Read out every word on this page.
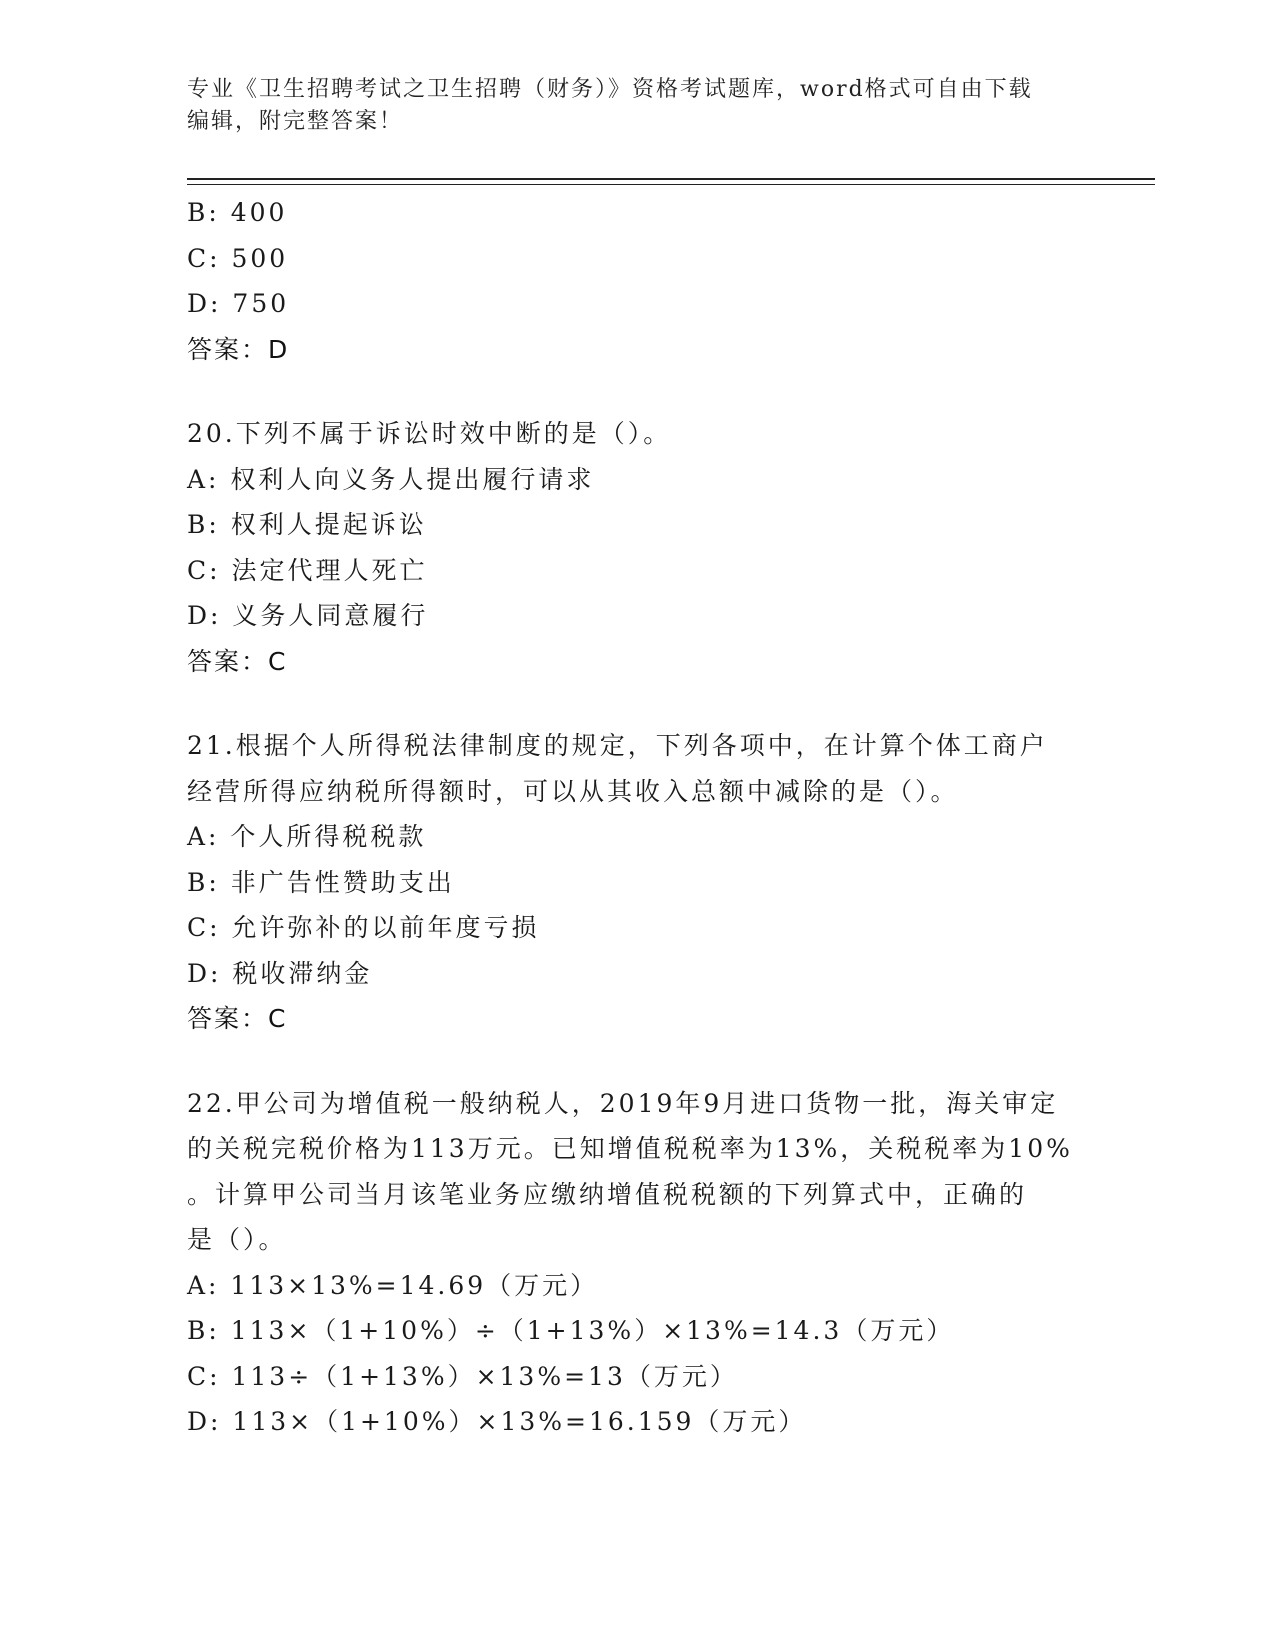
专业《卫生招聘考试之卫生招聘（财务）》资格考试题库，word格式可自由下载
编辑，附完整答案！
B: 400
C: 500
D: 750
答案：D
20.下列不属于诉讼时效中断的是（）。
A: 权利人向义务人提出履行请求
B: 权利人提起诉讼
C: 法定代理人死亡
D: 义务人同意履行
答案：C
21.根据个人所得税法律制度的规定，下列各项中，在计算个体工商户
经营所得应纳税所得额时，可以从其收入总额中减除的是（）。
A: 个人所得税税款
B: 非广告性赞助支出
C: 允许弥补的以前年度亏损
D: 税收滞纳金
答案：C
22.甲公司为增值税一般纳税人，2019年9月进口货物一批，海关审定
的关税完税价格为113万元。已知增值税税率为13%，关税税率为10%
。计算甲公司当月该笔业务应缴纳增值税税额的下列算式中，正确的
是（）。
A: 113×13%=14.69（万元）
B: 113×（1+10%）÷（1+13%）×13%=14.3（万元）
C: 113÷（1+13%）×13%=13（万元）
D: 113×（1+10%）×13%=16.159（万元）
